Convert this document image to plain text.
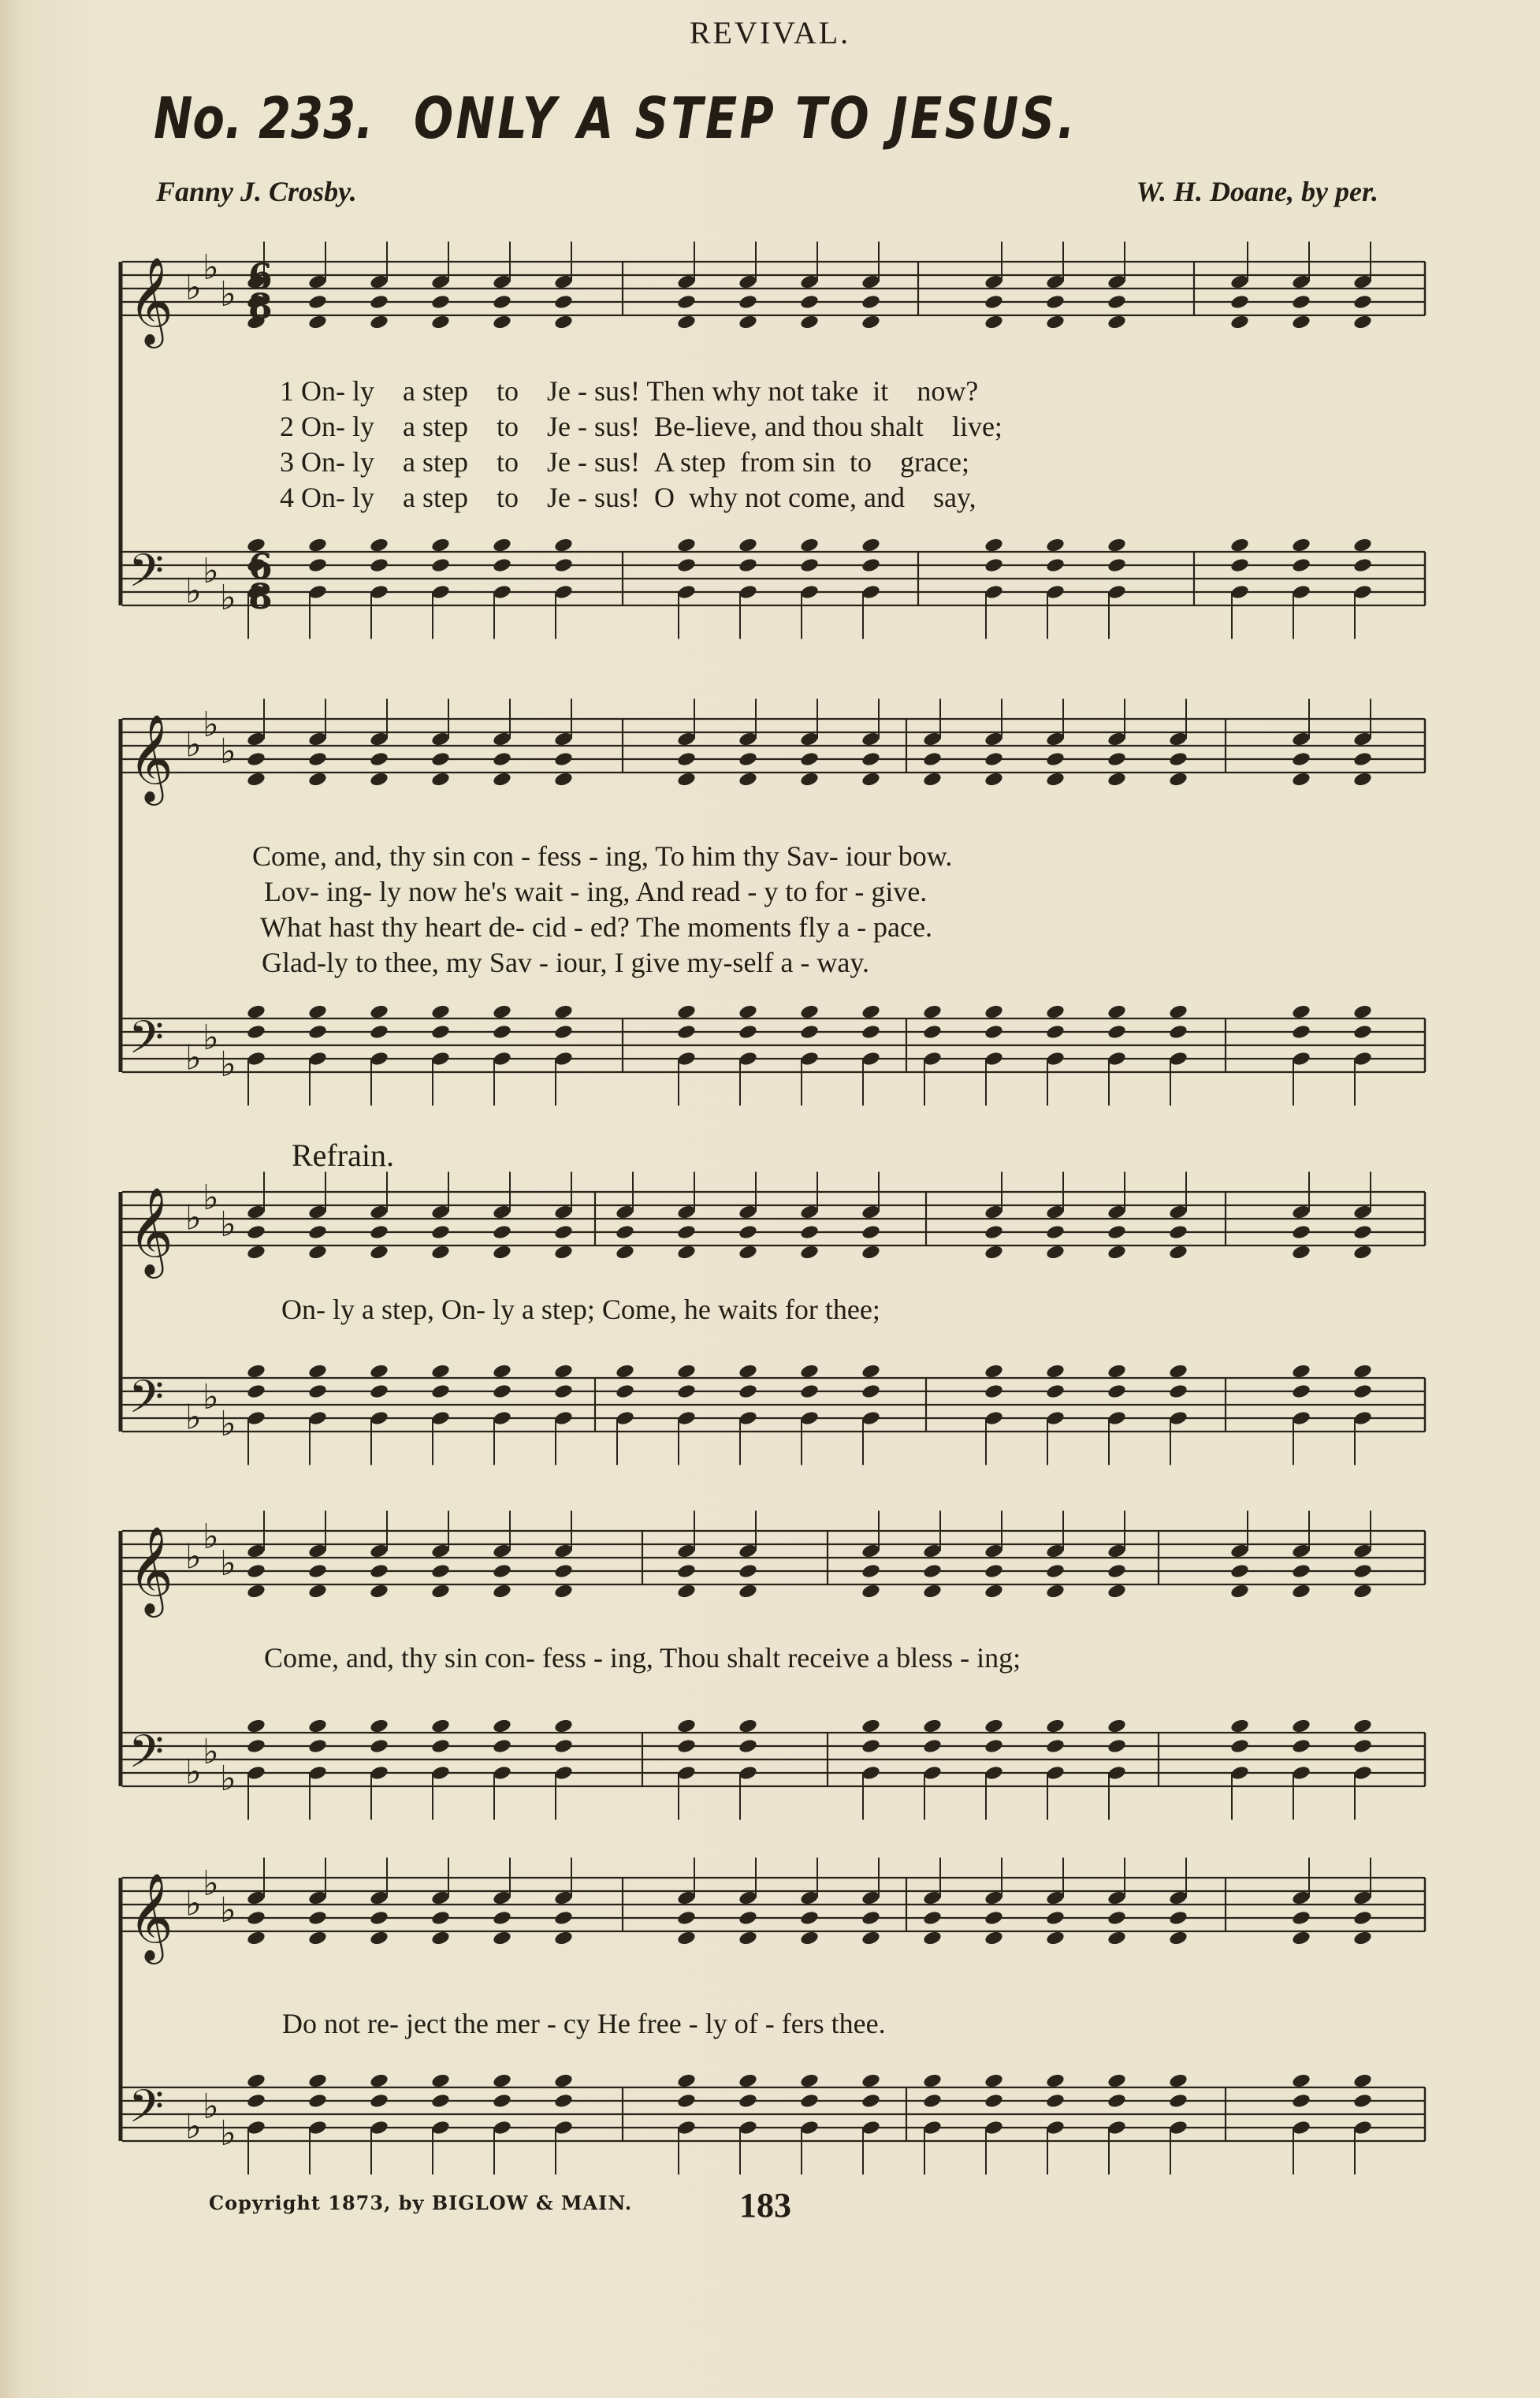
REVIVAL.
No. 233. ONLY A STEP TO JESUS.
Fanny J. Crosby.	W. H. Doane, by per.
𝄞
𝄢
♭
♭
♭
♭
♭
♭
𝄞
𝄢
♭
♭
♭
♭
♭
♭
𝄞
𝄢
♭
♭
♭
♭
♭
♭
𝄞
𝄢
♭
♭
♭
♭
♭
♭
𝄞
𝄢
♭
♭
♭
♭
♭
♭
6
8
6
8
1 On- ly a step to Je - sus! Then why not take it now?
2 On- ly a step to Je - sus! Be-lieve, and thou shalt live;
3 On- ly a step to Je - sus! A step from sin to grace;
4 On- ly a step to Je - sus! O why not come, and say,
Come, and, thy sin con - fess - ing, To him thy Sav- iour bow.
Lov- ing- ly now he's wait - ing, And read - y to for - give.
What hast thy heart de- cid - ed? The moments fly a - pace.
Glad-ly to thee, my Sav - iour, I give my-self a - way.
Refrain.
On- ly a step, On- ly a step; Come, he waits for thee;
Come, and, thy sin con- fess - ing, Thou shalt receive a bless - ing;
Do not re- ject the mer - cy He free - ly of - fers thee.
Copyright 1873, by BIGLOW & MAIN.	183
